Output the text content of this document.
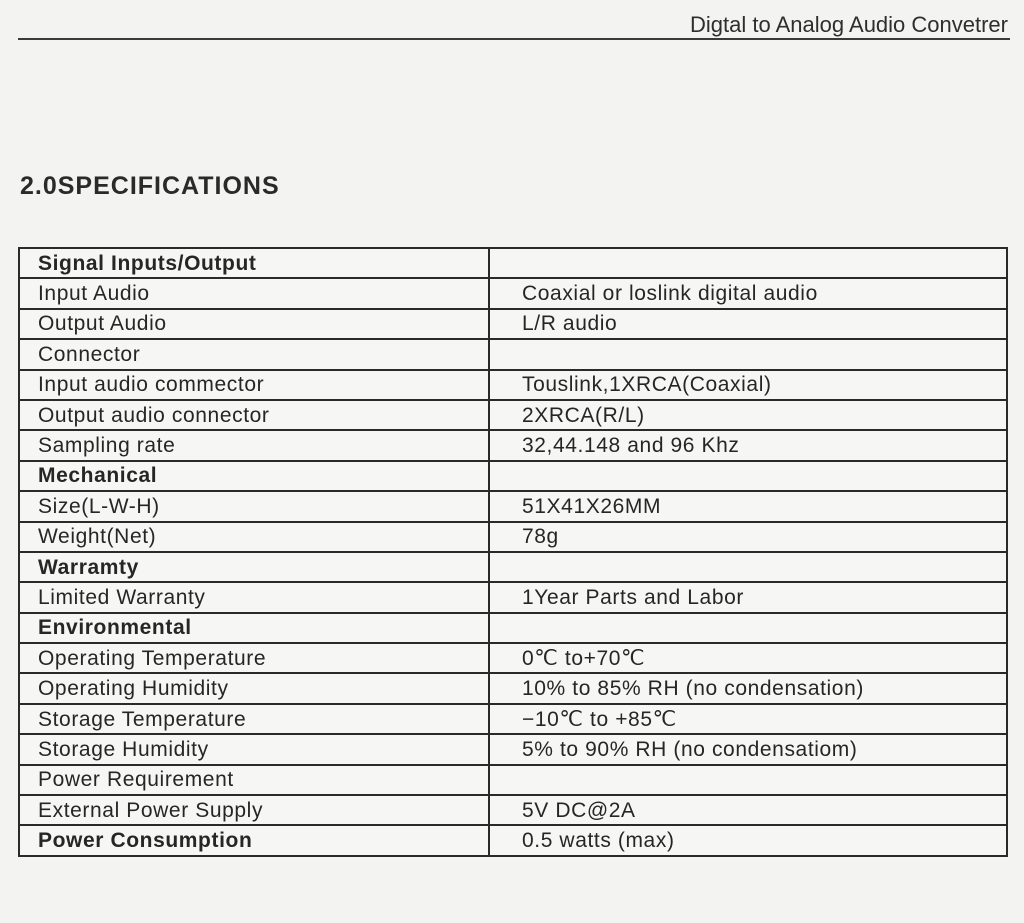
Digtal to Analog Audio Convetrer
2.0SPECIFICATIONS
Signal Inputs/Output	
Input Audio	Coaxial or loslink digital audio
Output Audio	L/R audio
Connector	
Input audio commector	Touslink,1XRCA(Coaxial)
Output audio connector	2XRCA(R/L)
Sampling rate	32,44.148 and 96 Khz
Mechanical	
Size(L-W-H)	51X41X26MM
Weight(Net)	78g
Warramty	
Limited Warranty	1Year Parts and Labor
Environmental	
Operating Temperature	0℃ to+70℃
Operating Humidity	10% to 85% RH (no condensation)
Storage Temperature	−10℃ to +85℃
Storage Humidity	5% to 90% RH (no condensatiom)
Power Requirement	
External Power Supply	5V DC@2A
Power Consumption	0.5 watts (max)
